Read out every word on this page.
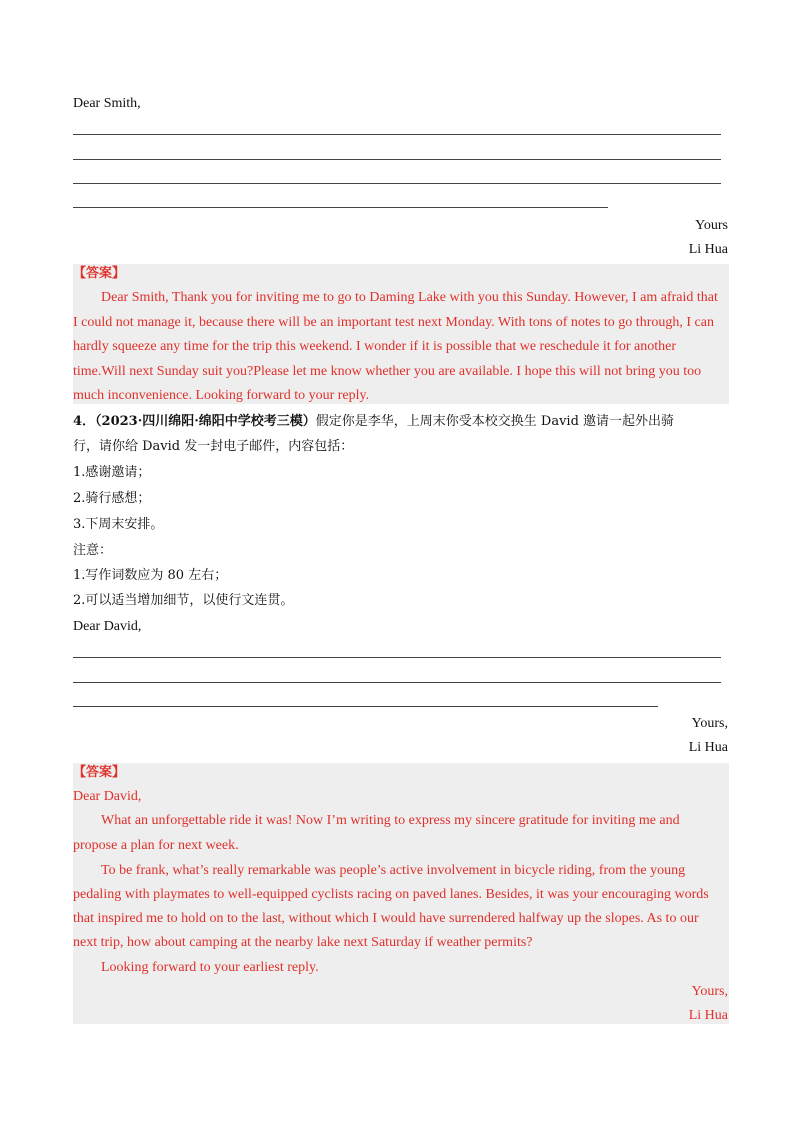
Dear Smith,
Yours
Li Hua
【答案】
Dear Smith, Thank you for inviting me to go to Daming Lake with you this Sunday. However, I am afraid that
I could not manage it, because there will be an important test next Monday. With tons of notes to go through, I can
hardly squeeze any time for the trip this weekend. I wonder if it is possible that we reschedule it for another
time.Will next Sunday suit you?Please let me know whether you are available. I hope this will not bring you too
much inconvenience. Looking forward to your reply.
4．（2023·四川绵阳·绵阳中学校考三模）假定你是李华，上周末你受本校交换生 David 邀请一起外出骑
行，请你给 David 发一封电子邮件，内容包括：
1.感谢邀请；
2.骑行感想；
3.下周末安排。
注意：
1.写作词数应为 80 左右；
2.可以适当增加细节，以使行文连贯。
Dear David,
Yours,
Li Hua
【答案】
Dear David,
What an unforgettable ride it was! Now I’m writing to express my sincere gratitude for inviting me and
propose a plan for next week.
To be frank, what’s really remarkable was people’s active involvement in bicycle riding, from the young
pedaling with playmates to well-equipped cyclists racing on paved lanes. Besides, it was your encouraging words
that inspired me to hold on to the last, without which I would have surrendered halfway up the slopes. As to our
next trip, how about camping at the nearby lake next Saturday if weather permits?
Looking forward to your earliest reply.
Yours,
Li Hua
